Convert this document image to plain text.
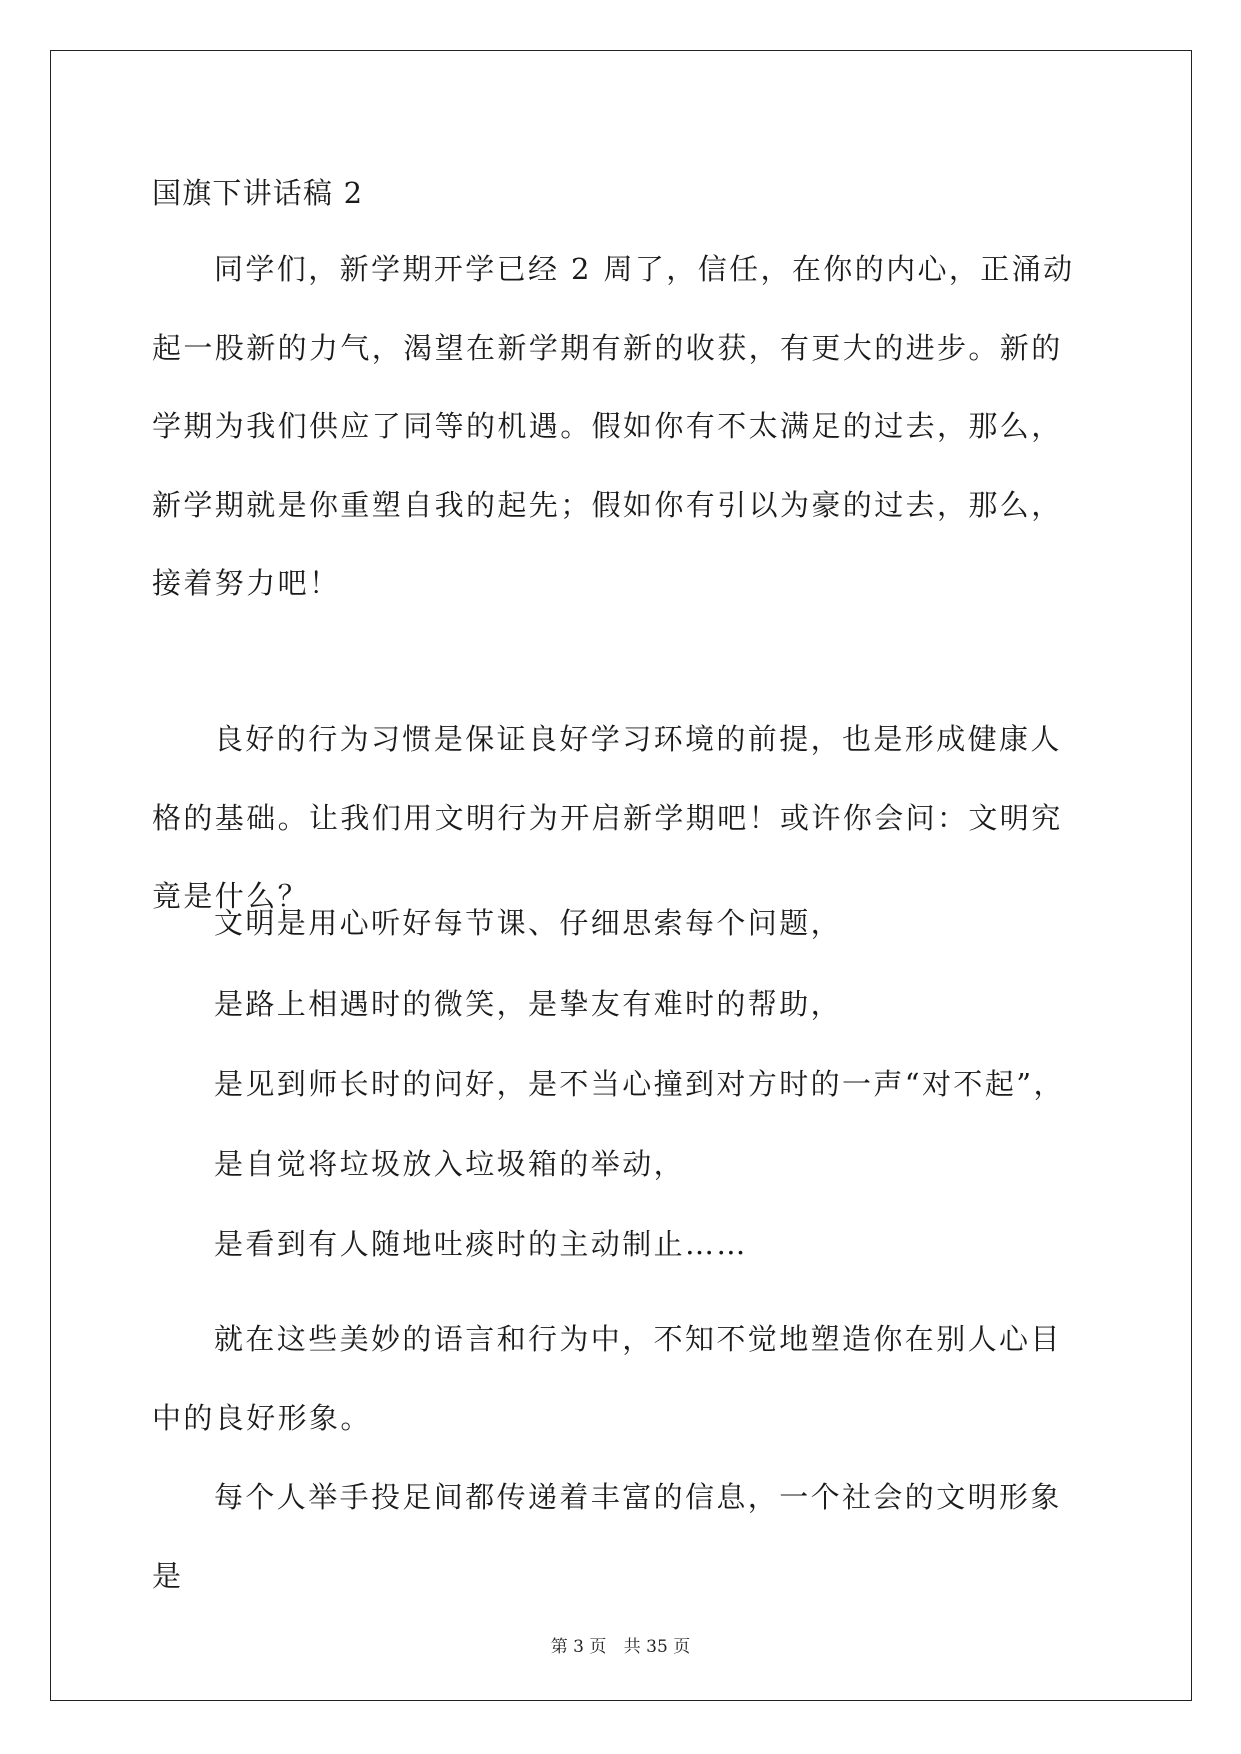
国旗下讲话稿 2
同学们，新学期开学已经 2 周了，信任，在你的内心，正涌动起一股新的力气，渴望在新学期有新的收获，有更大的进步。新的学期为我们供应了同等的机遇。假如你有不太满足的过去，那么，新学期就是你重塑自我的起先；假如你有引以为豪的过去，那么，接着努力吧！
良好的行为习惯是保证良好学习环境的前提，也是形成健康人格的基础。让我们用文明行为开启新学期吧！或许你会问：文明究竟是什么？
文明是用心听好每节课、仔细思索每个问题，
是路上相遇时的微笑，是挚友有难时的帮助，
是见到师长时的问好，是不当心撞到对方时的一声“对不起”，
是自觉将垃圾放入垃圾箱的举动，
是看到有人随地吐痰时的主动制止……
就在这些美妙的语言和行为中，不知不觉地塑造你在别人心目中的良好形象。
每个人举手投足间都传递着丰富的信息，一个社会的文明形象是
第 3 页 共 35 页
